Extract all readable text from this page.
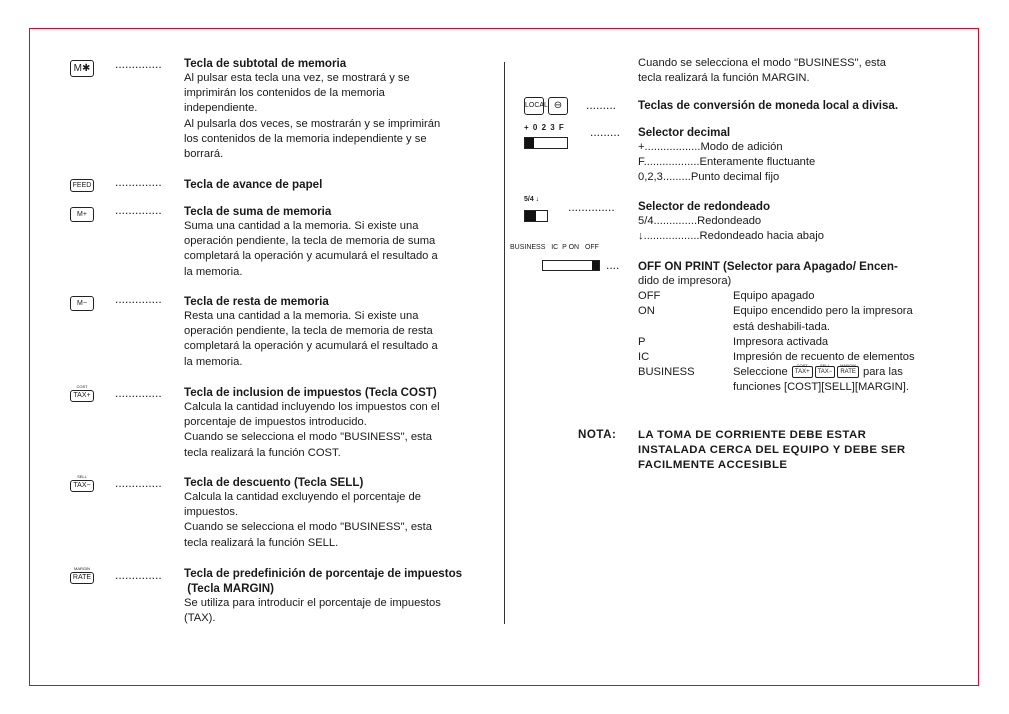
M✱	.............. Tecla de subtotal de memoria

Al pulsar esta tecla una vez, se mostrará y se

imprimirán los contenidos de la memoria

independiente.

Al pulsarla dos veces, se mostrarán y se imprimirán

los contenidos de la memoria independiente y se

borrará.

FEED .............. Tecla de avance de papel

M+	.............. Tecla de suma de memoria

Suma una cantidad a la memoria. Si existe una

operación pendiente, la tecla de memoria de suma

completará la operación y acumulará el resultado a

la memoria.

M−	.............. Tecla de resta de memoria

Resta una cantidad a la memoria. Si existe una

operación pendiente, la tecla de memoria de resta

completará la operación y acumulará el resultado a

la memoria.

COST
TAX+ .............. Tecla de inclusion de impuestos (Tecla COST)

Calcula la cantidad incluyendo los impuestos con el

porcentaje de impuestos introducido.

Cuando se selecciona el modo "BUSINESS", esta

tecla realizará la función COST.

SELL
TAX− .............. Tecla de descuento (Tecla SELL)

Calcula la cantidad excluyendo el porcentaje de

impuestos.

Cuando se selecciona el modo "BUSINESS", esta

tecla realizará la función SELL.

MARGIN
RATE .............. Tecla de predefinición de porcentaje de impuestos

(Tecla MARGIN)

Se utiliza para introducir el porcentaje de impuestos

(TAX).

Cuando se selecciona el modo "BUSINESS", esta

tecla realizará la función MARGIN.

LOCAL ⊖	......... Teclas de conversión de moneda local a divisa.

+ 0 2 3 F ......... Selector decimal

+..................Modo de adición

F..................Enteramente fluctuante

0,2,3.........Punto decimal fijo

5/4 ↓
.............. Selector de redondeado

5/4..............Redondeado

↓..................Redondeado hacia abajo

BUSINESS   IC  P ON   OFF
.... OFF ON PRINT (Selector para Apagado/ Encen-

dido de impresora)

OFF	Equipo apagado
ON	Equipo encendido pero la impresora
está deshabili-tada.
P	Impresora activada
IC	Impresión de recuento de elementos
BUSINESS	Seleccione
COST
TAX+
SELL
TAX−
MARGIN
RATE para las
funciones [COST][SELL][MARGIN].
NOTA: LA TOMA DE CORRIENTE DEBE ESTAR
INSTALADA CERCA DEL EQUIPO Y DEBE SER
FACILMENTE ACCESIBLE
